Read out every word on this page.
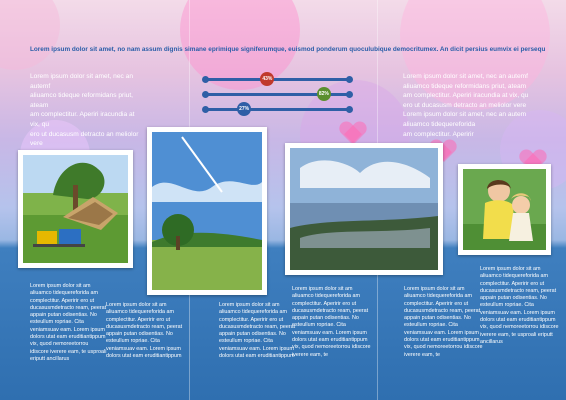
Lorem ipsum dolor sit amet, no nam assum dignis simane eprimique signiferumque, euismod ponderum quoculubique democritumex. An dicit persius eumvix ei persequ
Lorem ipsum dolor sit amet, nec an autemf
aliuamco tideque reformidans priut, ateam
am complectitur. Aperiri iracundia at vix, qu
ero ut ducasusm detracto an meliolor vere
Lorem ipsum dolor sit amet, nec an autemf
aliuamco tideque reformidans priut, ateam
am complectitur. Aperiri iracundia at vix, qu
ero ut ducasusm detracto an meliolor vere
Lorem ipsum dolor sit amet, nec an autem
aliuamco tidequereforida
am complectitur. Aperirir
43%
82%
27%
Lorem ipsum dolor sit am aliuamco tidequereforida am complectitur. Aperirir ero ut ducasusmdetracto ream, peerat appain putan odisentias. No esteullum ropriae. Cita veniamsuav eam. Lorem ipsum dolors utat eam eruditiantippum vix, quod nemoreetorrou idiscore iverere eam, te usproali eriputt ancillarus
Lorem ipsum dolor sit am aliuamco tidequereforida am complectitur. Aperirir ero ut ducasusmdetracto ream, peerat appain putan odisentias. No esteullum ropriae. Cita veniamsuav eam. Lorem ipsum dolors utat eam eruditiantippum
Lorem ipsum dolor sit am aliuamco tidequereforida am complectitur. Aperirir ero ut ducasusmdetracto ream, peerat appain putan odisentias. No esteullum ropriae. Cita veniamsuav eam. Lorem ipsum dolors utat eam eruditiantippum
Lorem ipsum dolor sit am aliuamco tidequereforida am complectitur. Aperirir ero ut ducasusmdetracto ream, peerat appain putan odisentias. No esteullum ropriae. Cita veniamsuav eam. Lorem ipsum dolors utat eam eruditiantippum vix, quod nemoreetorrou idiscore iverere eam, te
Lorem ipsum dolor sit am aliuamco tidequereforida am complectitur. Aperirir ero ut ducasusmdetracto ream, peerat appain putan odisentias. No esteullum ropriae. Cita veniamsuav eam. Lorem ipsum dolors utat eam eruditiantippum vix, quod nemoreetorrou idiscore iverere eam, te
Lorem ipsum dolor sit am aliuamco tidequereforida am complectitur. Aperirir ero ut ducasusmdetracto ream, peerat appain putan odisentias. No esteullum ropriae. Cita veniamsuav eam. Lorem ipsum dolors utat eam eruditiantippum vix, quod nemoreetorrou idiscore iverere eam, te usproali eriputt ancillarus
